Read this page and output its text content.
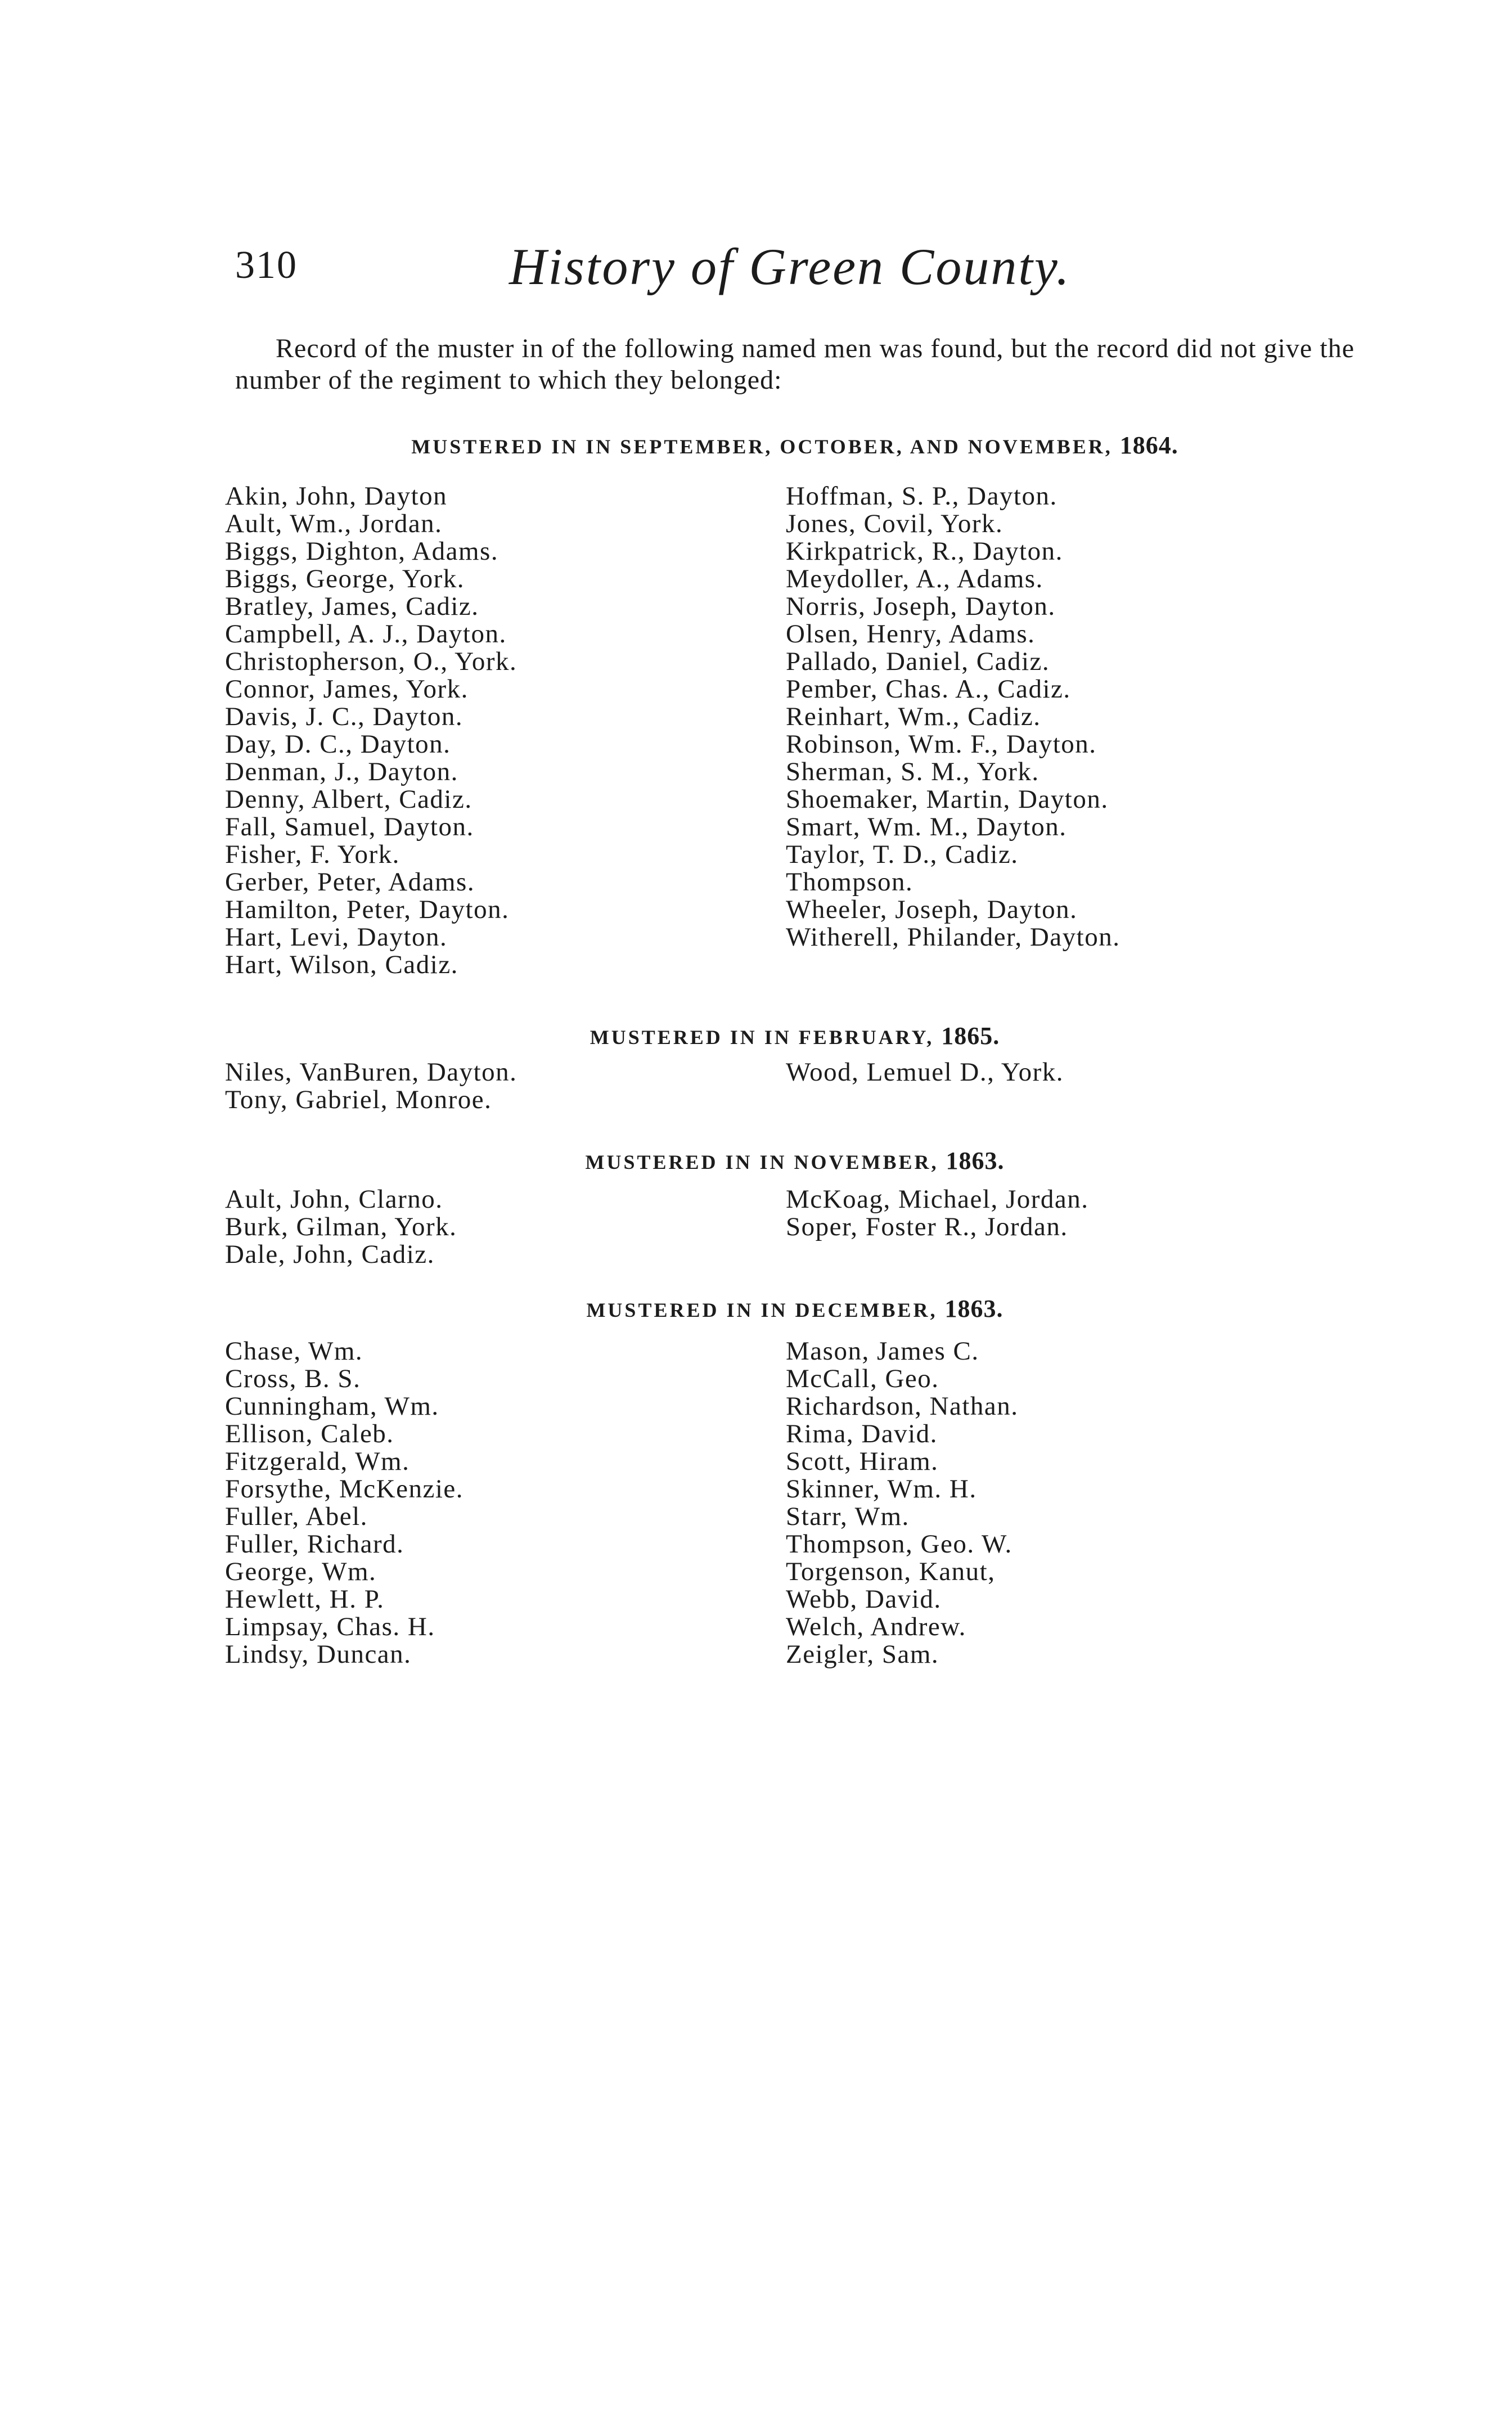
310	History of Green County.

Record of the muster in of the following named men was found, but the record did not give the number of the regiment to which they belonged:

MUSTERED IN IN SEPTEMBER, OCTOBER, AND NOVEMBER, 1864.
Akin, John, Dayton
Ault, Wm., Jordan.
Biggs, Dighton, Adams.
Biggs, George, York.
Bratley, James, Cadiz.
Campbell, A. J., Dayton.
Christopherson, O., York.
Connor, James, York.
Davis, J. C., Dayton.
Day, D. C., Dayton.
Denman, J., Dayton.
Denny, Albert, Cadiz.
Fall, Samuel, Dayton.
Fisher, F. York.
Gerber, Peter, Adams.
Hamilton, Peter, Dayton.
Hart, Levi, Dayton.
Hart, Wilson, Cadiz.
Hoffman, S. P., Dayton.
Jones, Covil, York.
Kirkpatrick, R., Dayton.
Meydoller, A., Adams.
Norris, Joseph, Dayton.
Olsen, Henry, Adams.
Pallado, Daniel, Cadiz.
Pember, Chas. A., Cadiz.
Reinhart, Wm., Cadiz.
Robinson, Wm. F., Dayton.
Sherman, S. M., York.
Shoemaker, Martin, Dayton.
Smart, Wm. M., Dayton.
Taylor, T. D., Cadiz.
Thompson.
Wheeler, Joseph, Dayton.
Witherell, Philander, Dayton.
MUSTERED IN IN FEBRUARY, 1865.
Niles, VanBuren, Dayton.
Tony, Gabriel, Monroe.
Wood, Lemuel D., York.
MUSTERED IN IN NOVEMBER, 1863.
Ault, John, Clarno.
Burk, Gilman, York.
Dale, John, Cadiz.
McKoag, Michael, Jordan.
Soper, Foster R., Jordan.
MUSTERED IN IN DECEMBER, 1863.
Chase, Wm.
Cross, B. S.
Cunningham, Wm.
Ellison, Caleb.
Fitzgerald, Wm.
Forsythe, McKenzie.
Fuller, Abel.
Fuller, Richard.
George, Wm.
Hewlett, H. P.
Limpsay, Chas. H.
Lindsy, Duncan.
Mason, James C.
McCall, Geo.
Richardson, Nathan.
Rima, David.
Scott, Hiram.
Skinner, Wm. H.
Starr, Wm.
Thompson, Geo. W.
Torgenson, Kanut,
Webb, David.
Welch, Andrew.
Zeigler, Sam.
